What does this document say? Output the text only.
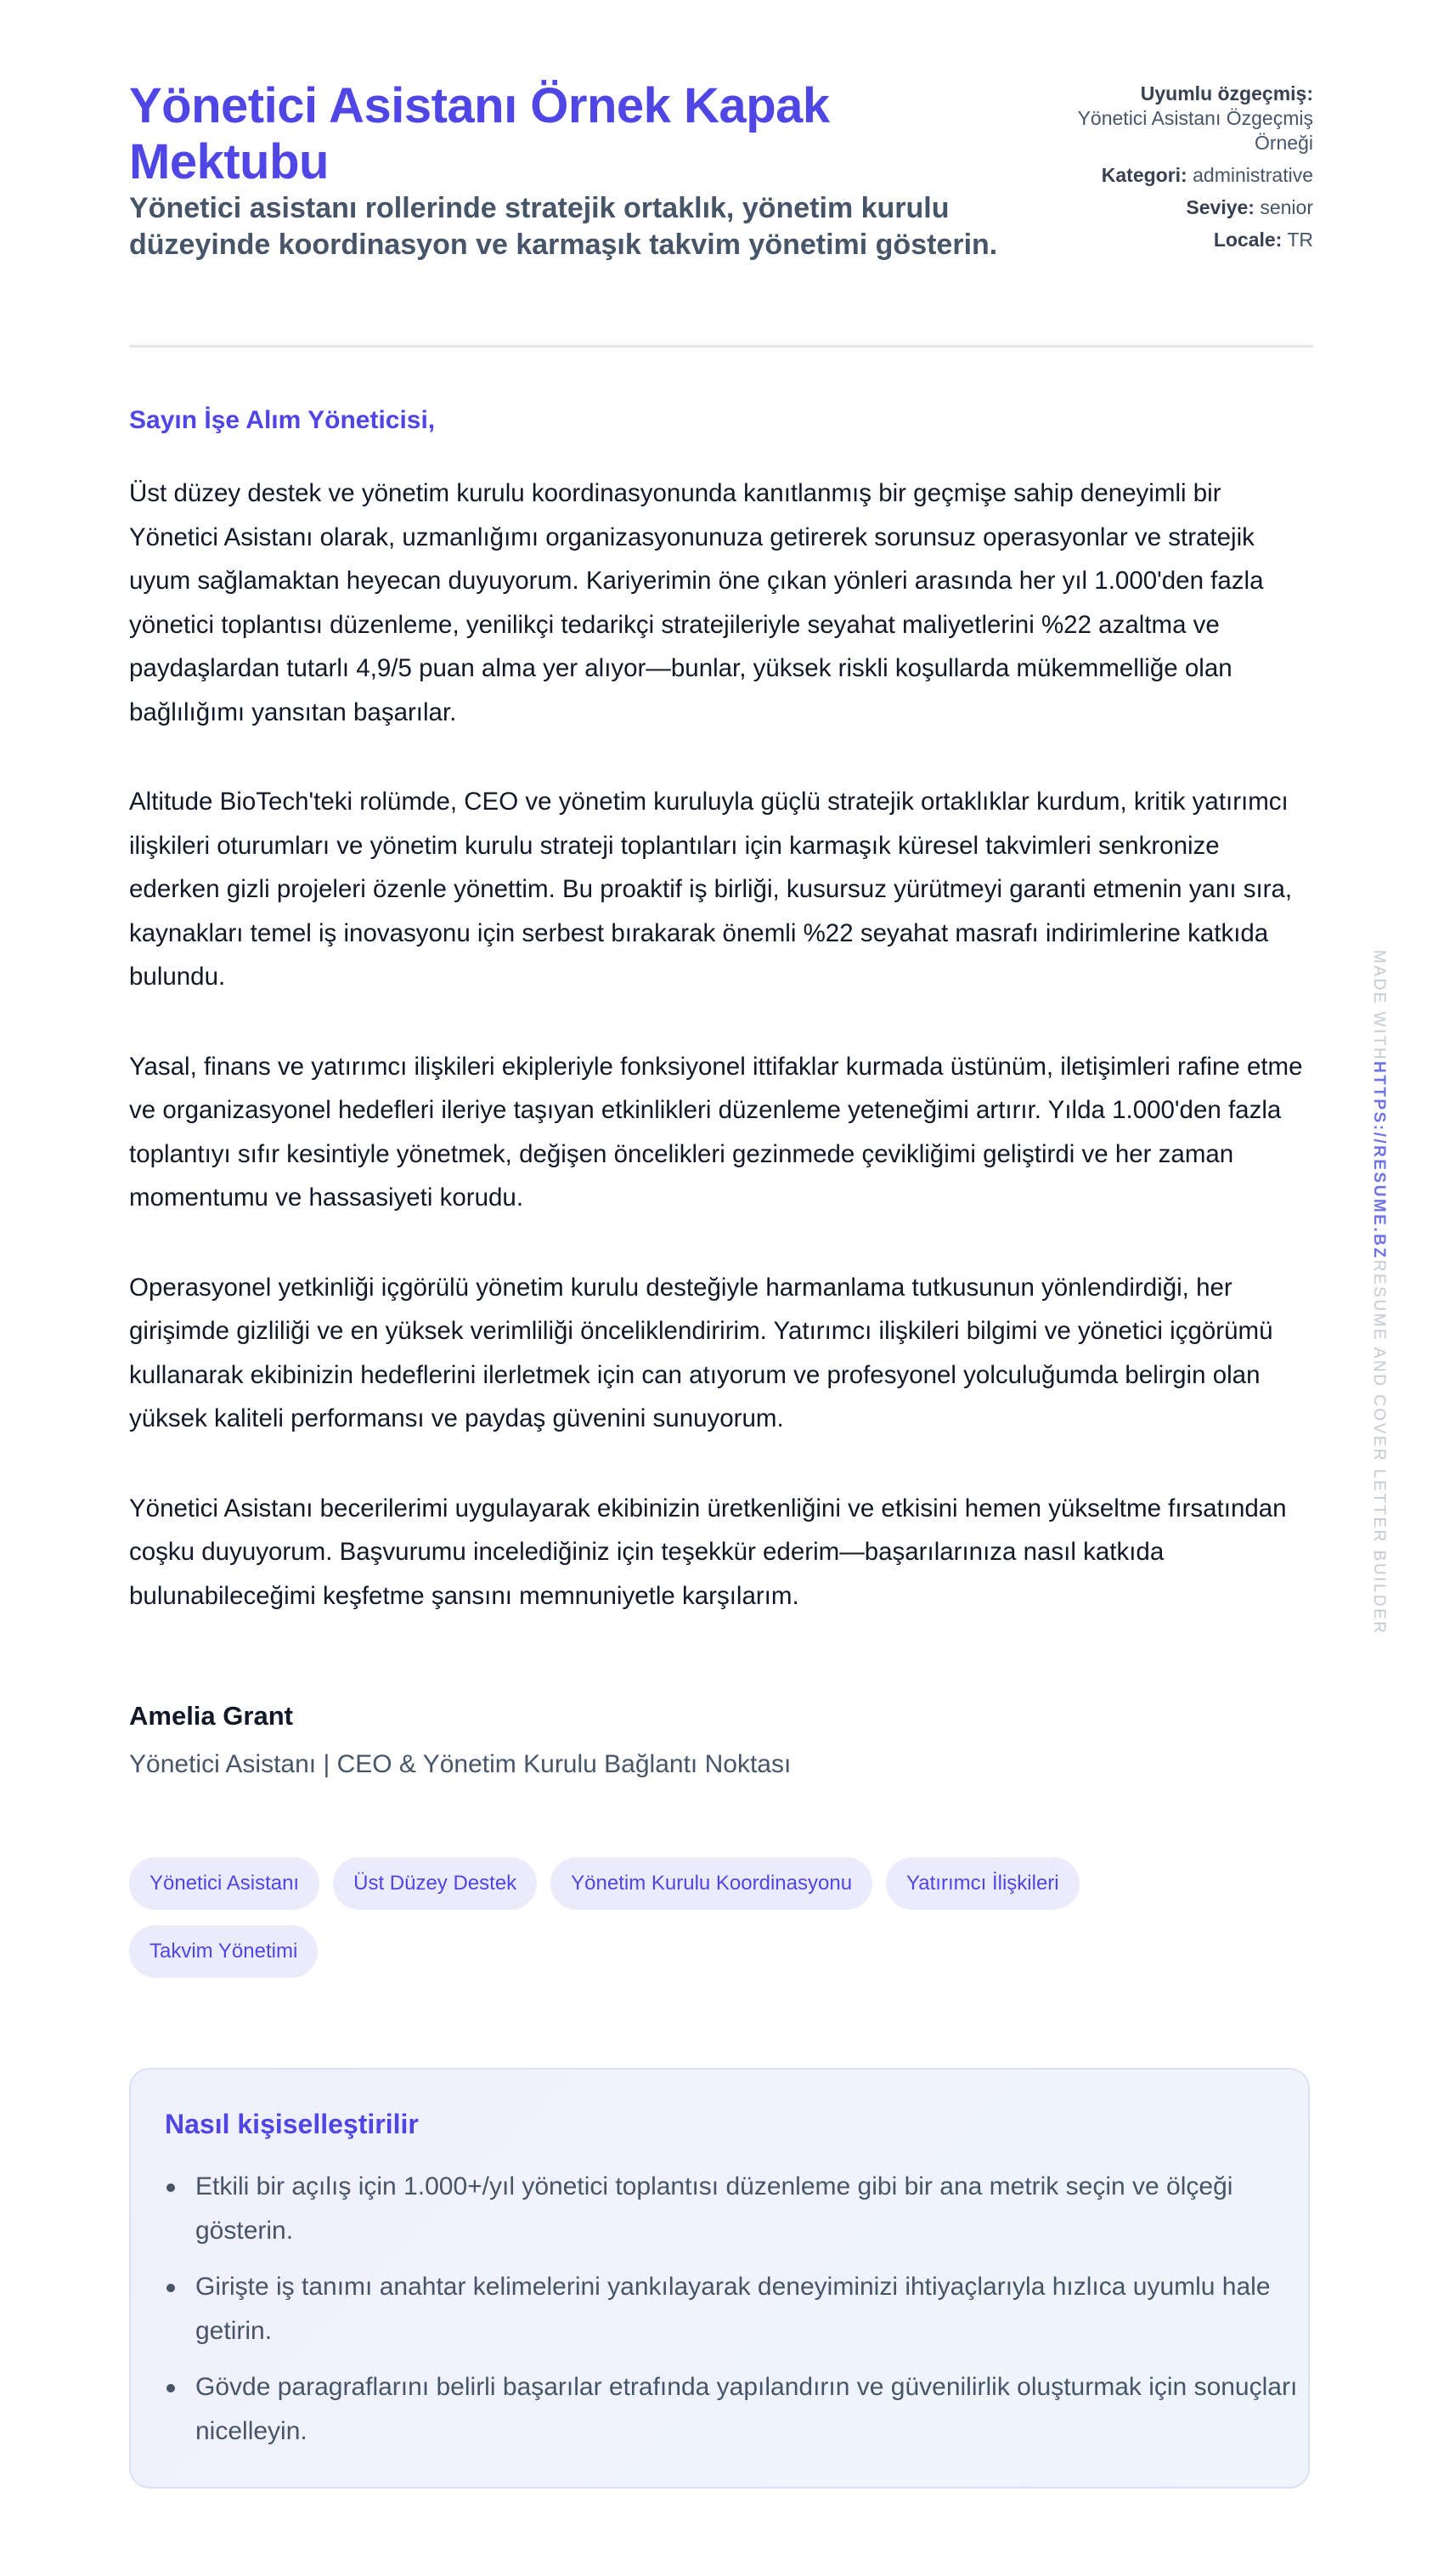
Yönetici Asistanı Örnek Kapak Mektubu
Yönetici asistanı rollerinde stratejik ortaklık, yönetim kurulu düzeyinde koordinasyon ve karmaşık takvim yönetimi gösterin.
Uyumlu özgeçmiş:
Yönetici Asistanı Özgeçmiş Örneği
Kategori: administrative
Seviye: senior
Locale: TR
Sayın İşe Alım Yöneticisi,

Üst düzey destek ve yönetim kurulu koordinasyonunda kanıtlanmış bir geçmişe sahip deneyimli bir Yönetici Asistanı olarak, uzmanlığımı organizasyonunuza getirerek sorunsuz operasyonlar ve stratejik uyum sağlamaktan heyecan duyuyorum. Kariyerimin öne çıkan yönleri arasında her yıl 1.000'den fazla yönetici toplantısı düzenleme, yenilikçi tedarikçi stratejileriyle seyahat maliyetlerini %22 azaltma ve paydaşlardan tutarlı 4,9/5 puan alma yer alıyor—bunlar, yüksek riskli koşullarda mükemmelliğe olan bağlılığımı yansıtan başarılar.

Altitude BioTech'teki rolümde, CEO ve yönetim kuruluyla güçlü stratejik ortaklıklar kurdum, kritik yatırımcı ilişkileri oturumları ve yönetim kurulu strateji toplantıları için karmaşık küresel takvimleri senkronize ederken gizli projeleri özenle yönettim. Bu proaktif iş birliği, kusursuz yürütmeyi garanti etmenin yanı sıra, kaynakları temel iş inovasyonu için serbest bırakarak önemli %22 seyahat masrafı indirimlerine katkıda bulundu.

Yasal, finans ve yatırımcı ilişkileri ekipleriyle fonksiyonel ittifaklar kurmada üstünüm, iletişimleri rafine etme ve organizasyonel hedefleri ileriye taşıyan etkinlikleri düzenleme yeteneğimi artırır. Yılda 1.000'den fazla toplantıyı sıfır kesintiyle yönetmek, değişen öncelikleri gezinmede çevikliğimi geliştirdi ve her zaman momentumu ve hassasiyeti korudu.

Operasyonel yetkinliği içgörülü yönetim kurulu desteğiyle harmanlama tutkusunun yönlendirdiği, her girişimde gizliliği ve en yüksek verimliliği önceliklendiririm. Yatırımcı ilişkileri bilgimi ve yönetici içgörümü kullanarak ekibinizin hedeflerini ilerletmek için can atıyorum ve profesyonel yolculuğumda belirgin olan yüksek kaliteli performansı ve paydaş güvenini sunuyorum.

Yönetici Asistanı becerilerimi uygulayarak ekibinizin üretkenliğini ve etkisini hemen yükseltme fırsatından coşku duyuyorum. Başvurumu incelediğiniz için teşekkür ederim—başarılarınıza nasıl katkıda bulunabileceğimi keşfetme şansını memnuniyetle karşılarım.

Amelia Grant
Yönetici Asistanı | CEO & Yönetim Kurulu Bağlantı Noktası
Yönetici Asistanı	Üst Düzey Destek	Yönetim Kurulu Koordinasyonu	Yatırımcı İlişkileri
Takvim Yönetimi
Nasıl kişiselleştirilir
Etkili bir açılış için 1.000+/yıl yönetici toplantısı düzenleme gibi bir ana metrik seçin ve ölçeği gösterin.
Girişte iş tanımı anahtar kelimelerini yankılayarak deneyiminizi ihtiyaçlarıyla hızlıca uyumlu hale getirin.
Gövde paragraflarını belirli başarılar etrafında yapılandırın ve güvenilirlik oluşturmak için sonuçları nicelleyin.
MADE WITHHTTPS://RESUME.BZRESUME AND COVER LETTER BUILDER
